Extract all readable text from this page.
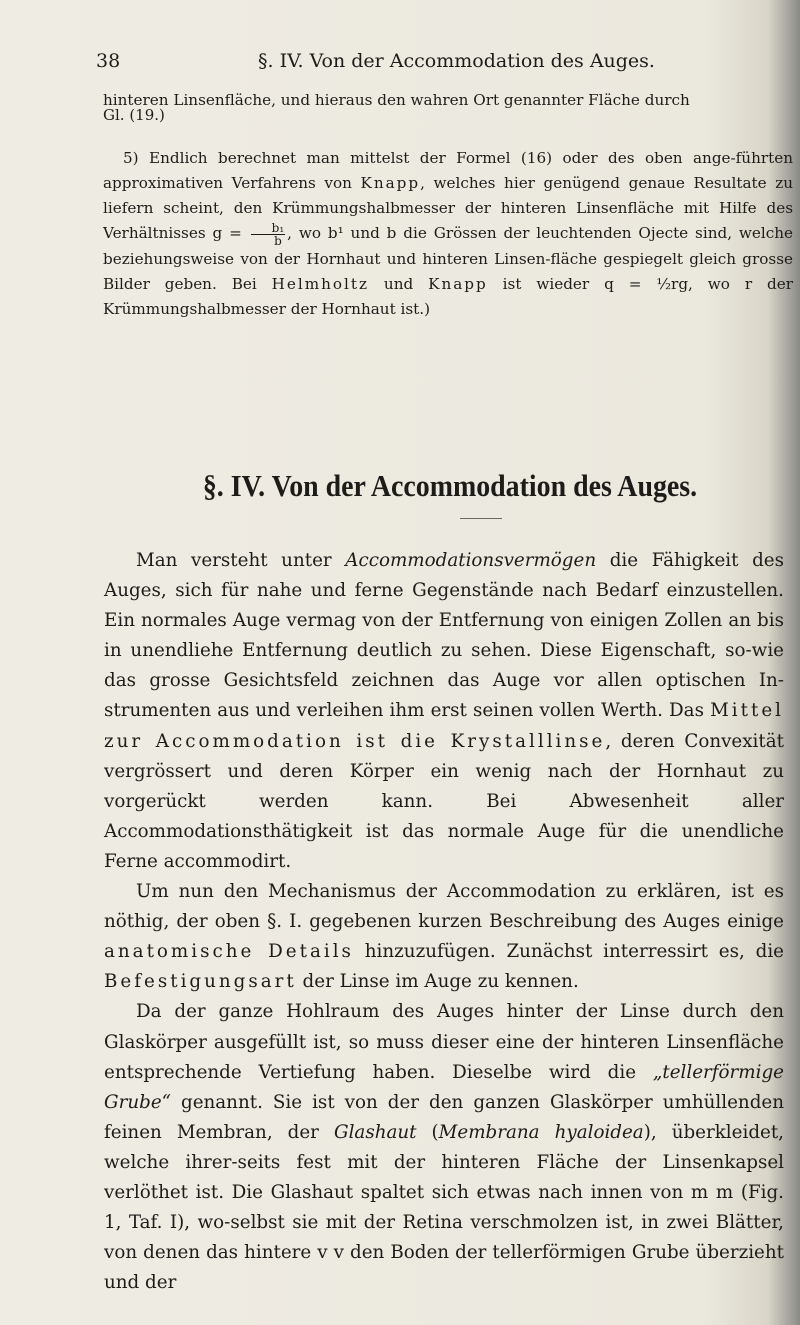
38	§. IV. Von der Accommodation des Auges.

hinteren Linsenfläche, und hieraus den wahren Ort genannter Fläche durch

Gl. (19.)

5) Endlich berechnet man mittelst der Formel (16) oder des oben ange-führten approximativen Verfahrens von Knapp, welches hier genügend genaue Resultate zu liefern scheint, den Krümmungshalbmesser der hinteren Linsenfläche mit Hilfe des Verhältnisses $g = \frac{\text{b₁}}{b}$ , wo b¹ und b die Grössen der leuchtenden Ojecte sind, welche beziehungsweise von der Hornhaut und hinteren Linsen-fläche gespiegelt gleich grosse Bilder geben. Bei Helmholtz und Knapp ist wieder q = ½rg, wo r der Krümmungshalbmesser der Hornhaut ist.)

§. IV. Von der Accommodation des Auges.

Man versteht unter Accommodationsvermögen die Fähigkeit des Auges, sich für nahe und ferne Gegenstände nach Bedarf einzustellen. Ein normales Auge vermag von der Entfernung von einigen Zollen an bis in unendliehe Entfernung deutlich zu sehen. Diese Eigenschaft, so-wie das grosse Gesichtsfeld zeichnen das Auge vor allen optischen In-strumenten aus und verleihen ihm erst seinen vollen Werth. Das Mittel zur Accommodation ist die Krystalllinse, deren Convexität vergrössert und deren Körper ein wenig nach der Hornhaut zu vorgerückt werden kann. Bei Abwesenheit aller Accommodationsthätigkeit ist das normale Auge für die unendliche Ferne accommodirt.

Um nun den Mechanismus der Accommodation zu erklären, ist es nöthig, der oben §. I. gegebenen kurzen Beschreibung des Auges einige anatomische Details hinzuzufügen. Zunächst interressirt es, die Befestigungsart der Linse im Auge zu kennen.

Da der ganze Hohlraum des Auges hinter der Linse durch den Glaskörper ausgefüllt ist, so muss dieser eine der hinteren Linsenfläche entsprechende Vertiefung haben. Dieselbe wird die „tellerförmige Grube“ genannt. Sie ist von der den ganzen Glaskörper umhüllenden feinen Membran, der Glashaut (Membrana hyaloidea), überkleidet, welche ihrer-seits fest mit der hinteren Fläche der Linsenkapsel verlöthet ist. Die Glashaut spaltet sich etwas nach innen von m m (Fig. 1, Taf. I), wo-selbst sie mit der Retina verschmolzen ist, in zwei Blätter, von denen das hintere v v den Boden der tellerförmigen Grube überzieht und der
